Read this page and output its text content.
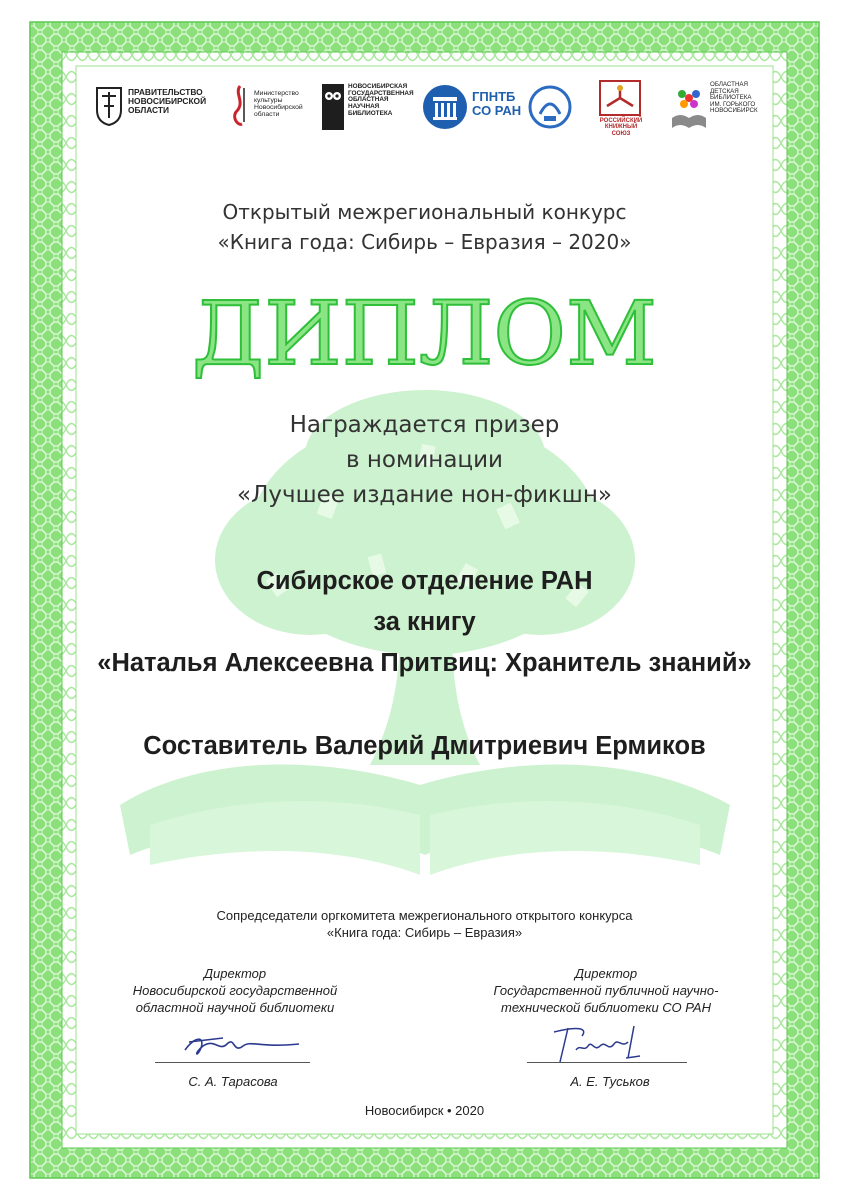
ПРАВИТЕЛЬСТВО
НОВОСИБИРСКОЙ
ОБЛАСТИ
Министерство
культуры
Новосибирской
области
НОВОСИБИРСКАЯ
ГОСУДАРСТВЕННАЯ
ОБЛАСТНАЯ
НАУЧНАЯ
БИБЛИОТЕКА
ГПНТБ
СО РАН
РОССИЙСКИЙ
КНИЖНЫЙ СОЮЗ
ОБЛАСТНАЯ
ДЕТСКАЯ
БИБЛИОТЕКА
ИМ. ГОРЬКОГО
НОВОСИБИРСК
Открытый межрегиональный конкурс
«Книга года: Сибирь – Евразия – 2020»
ДИПЛОМ
Награждается призер
в номинации
«Лучшее издание нон-фикшн»
Сибирское отделение РАН
за книгу
«Наталья Алексеевна Притвиц: Хранитель знаний»
Составитель Валерий Дмитриевич Ермиков
Сопредседатели оргкомитета межрегионального открытого конкурса
«Книга года: Сибирь – Евразия»
Директор
Новосибирской государственной
областной научной библиотеки
С. А. Тарасова
Директор
Государственной публичной научно-
технической библиотеки СО РАН
А. Е. Туськов
Новосибирск • 2020
